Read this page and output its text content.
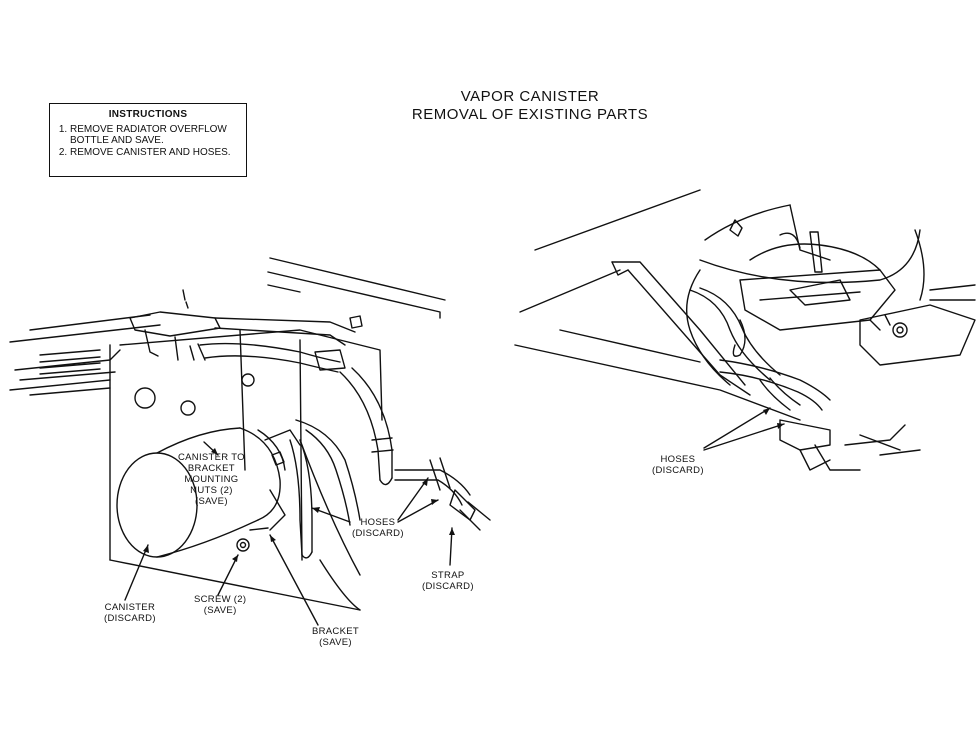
VAPOR CANISTER
REMOVAL OF EXISTING PARTS
INSTRUCTIONS
1. REMOVE RADIATOR OVERFLOW BOTTLE AND SAVE.
2. REMOVE CANISTER AND HOSES.
CANISTER TO
BRACKET
MOUNTING
NUTS (2)
(SAVE)
HOSES
(DISCARD)
STRAP
(DISCARD)
CANISTER
(DISCARD)
SCREW (2)
(SAVE)
BRACKET
(SAVE)
HOSES
(DISCARD)
